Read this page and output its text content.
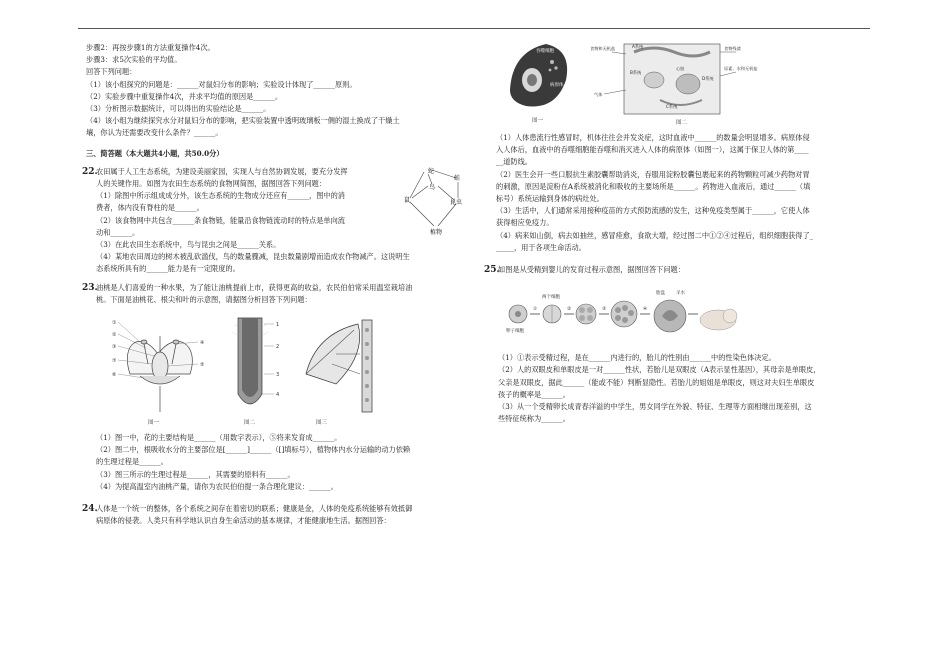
步骤2：再按步骤1的方法重复操作4次。

步骤3：求5次实验的平均值。

回答下列问题：

（1）该小组探究的问题是：______对鼠妇分布的影响；实验设计体现了______原则。

（2）实验步骤中重复操作4次，并求平均值的原因是______。

（3）分析图示数据统计，可以得出的实验结论是______。

（4）该小组为继续探究水分对鼠妇分布的影响，把实验装置中透明玻璃板一侧的湿土换成了干燥土

壤，你认为还需要改变什么条件？______。

三、简答题（本大题共4小题，共50.0分）

22.农田属于人工生态系统，为建设美丽家园，实现人与自然协调发展，要充分发挥

人的关键作用。如图为农田生态系统的食物网简图，据图回答下列问题：

（1）除图中所示组成成分外，该生态系统的生物成分还应有______，图中的消

费者，体内没有脊柱的是______。

（2）该食物网中共包含______条食物链，能量沿食物链流动时的特点是单向流

动和______。

（3）在此农田生态系统中，鸟与昆虫之间是______关系。

（4）某地农田周边的树木被乱砍滥伐，鸟的数量骤减，昆虫数量剧增而造成农作物减产。这说明生

态系统所具有的______能力是有一定限度的。

蛇
鸟
鼠	昆虫
植物
蛙

23.油桃是人们喜爱的一种水果，为了能让油桃提前上市，获得更高的收益，农民伯伯常采用温室栽培油

桃。下面是油桃花、根尖和叶的示意图，请据图分析回答下列问题：

①
②
③
⑦
⑥
④
⑤
图一
1
2
3
4
图二	图三

（1）图一中，花的主要结构是______（用数字表示），⑤将来发育成______。

（2）图二中，根吸收水分的主要部位是[______]______（[]填标号），植物体内水分运输的动力依赖

的生理过程是______。

（3）图三所示的生理过程是______，其需要的原料有______。

（4）为提高温室内油桃产量，请你为农民伯伯提一条合理化建议：______。

24.人体是一个统一的整体，各个系统之间存在着密切的联系；健康是金，人体的免疫系统能够有效抵御

病原体的侵袭。人类只有科学地认识自身生命活动的基本规律，才能健康地生活。据图回答：

吞噬细胞
病原体
图一
食物和无机盐	A系统
B系统
心脏
C系统
D系统
食物残渣
尿素、水和无机盐
气体
图二

（1）人体患流行性感冒时，机体往往会并发炎症，这时血液中______的数量会明显增多。病原体侵

入人体后，血液中的吞噬细胞能吞噬和消灭进入人体的病原体（如图一），这属于保卫人体的第____

__道防线。

（2）医生会开一些口服抗生素胶囊帮助消炎，吞服用淀粉胶囊包裹起来的药物颗粒可减少药物对胃

的刺激，原因是淀粉在A系统被消化和吸收的主要场所是______。药物进入血液后，通过______（填

标号）系统运输到身体的病灶处。

（3）生活中，人们通常采用接种疫苗的方式预防流感的发生，这种免疫类型属于______，它使人体

获得相应免疫力。

（4）病来如山倒，病去如抽丝，感冒痊愈，食欲大增，经过图二中①②④过程后，组织细胞获得了_

_____，用于各项生命活动。

25.如图是从受精到婴儿的发育过程示意图，据图回答下问题：

卵子细胞
两个细胞
胎盘 羊水
①	②	③	④

（1）①表示受精过程，是在______内进行的，胎儿的性别由______中的性染色体决定。

（2）人的双眼皮和单眼皮是一对______性状，若胎儿是双眼皮（A表示显性基因），其母亲是单眼皮，

父亲是双眼皮，据此______（能或不能）判断显隐性。若胎儿的姐姐是单眼皮，则这对夫妇生单眼皮

孩子的概率是______。

（3）从一个受精卵长成青春洋溢的中学生，男女同学在外貌、特征、生理等方面相继出现差别，这

些特征统称为______。
